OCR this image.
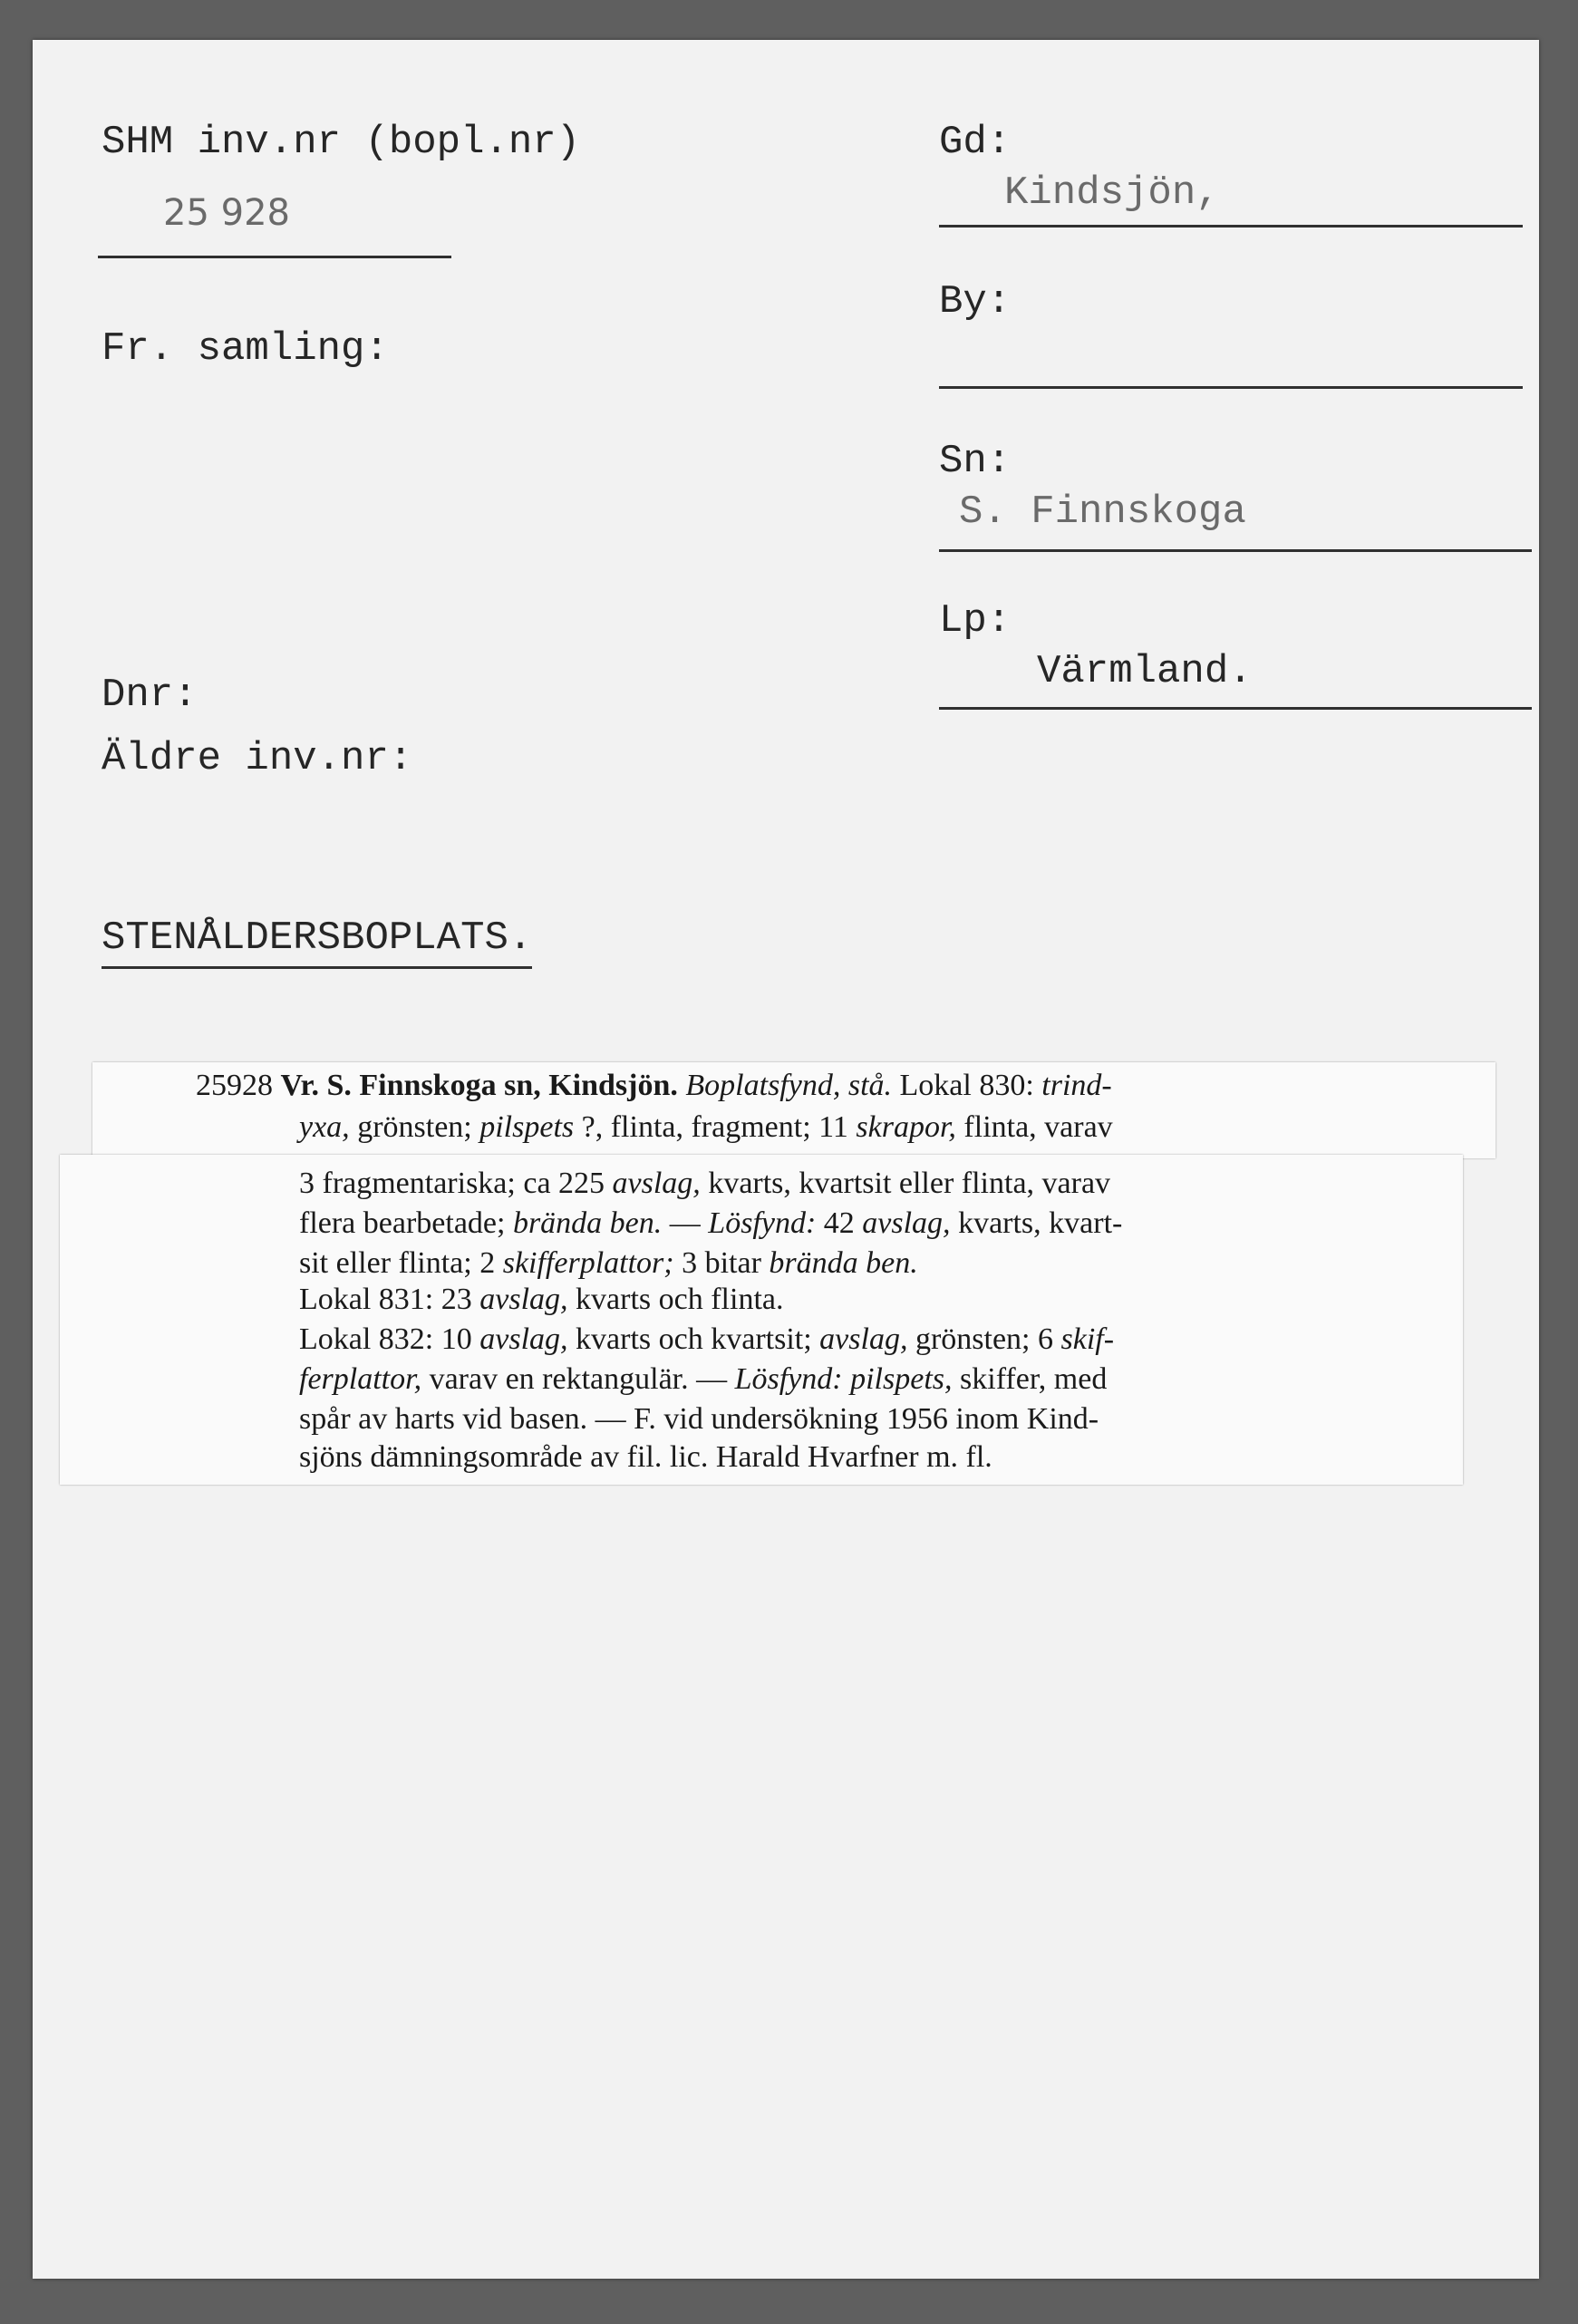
SHM inv.nr (bopl.nr)
25 928
Fr. samling:
Dnr:
Äldre inv.nr:
STENÅLDERSBOPLATS.
Gd:
Kindsjön,
By:
Sn:
S. Finnskoga
Lp:
Värmland.
25928 Vr. S. Finnskoga sn, Kindsjön. Boplatsfynd, stå. Lokal 830: trind-
yxa, grönsten; pilspets ?, flinta, fragment; 11 skrapor, flinta, varav
3 fragmentariska; ca 225 avslag, kvarts, kvartsit eller flinta, varav
flera bearbetade; brända ben. — Lösfynd: 42 avslag, kvarts, kvart-
sit eller flinta; 2 skifferplattor; 3 bitar brända ben.
Lokal 831: 23 avslag, kvarts och flinta.
Lokal 832: 10 avslag, kvarts och kvartsit; avslag, grönsten; 6 skif-
ferplattor, varav en rektangulär. — Lösfynd: pilspets, skiffer, med
spår av harts vid basen. — F. vid undersökning 1956 inom Kind-
sjöns dämningsområde av fil. lic. Harald Hvarfner m. fl.
